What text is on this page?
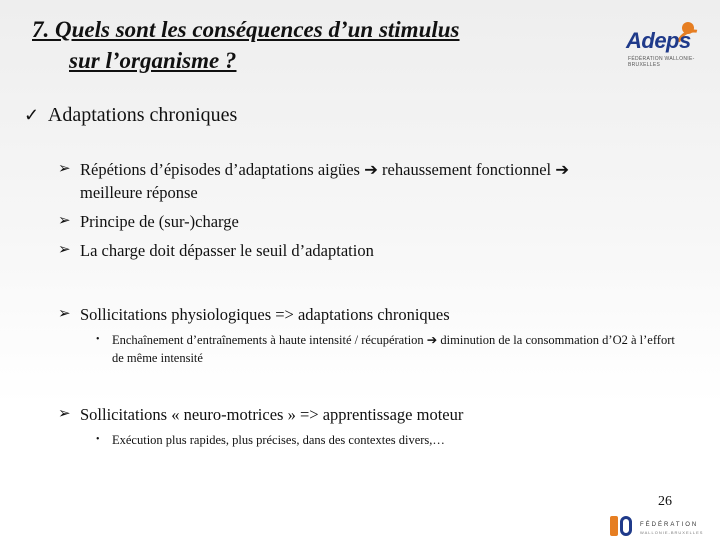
7. Quels sont les conséquences d’un stimulus
sur l’organisme ?
Adeps
FÉDÉRATION WALLONIE-BRUXELLES
✓ Adaptations chroniques
➢ Répétions d’épisodes d’adaptations aigües ➔ rehaussement fonctionnel ➔ meilleure réponse
➢ Principe de (sur-)charge
➢ La charge doit dépasser le seuil d’adaptation
➢ Sollicitations physiologiques => adaptations chroniques
• Enchaînement d’entraînements à haute intensité / récupération ➔ diminution de la consommation d’O2 à l’effort de même intensité
➢ Sollicitations « neuro-motrices » => apprentissage moteur
• Exécution plus rapides, plus précises, dans des contextes divers,…
26
FÉDÉRATION
WALLONIE-BRUXELLES
